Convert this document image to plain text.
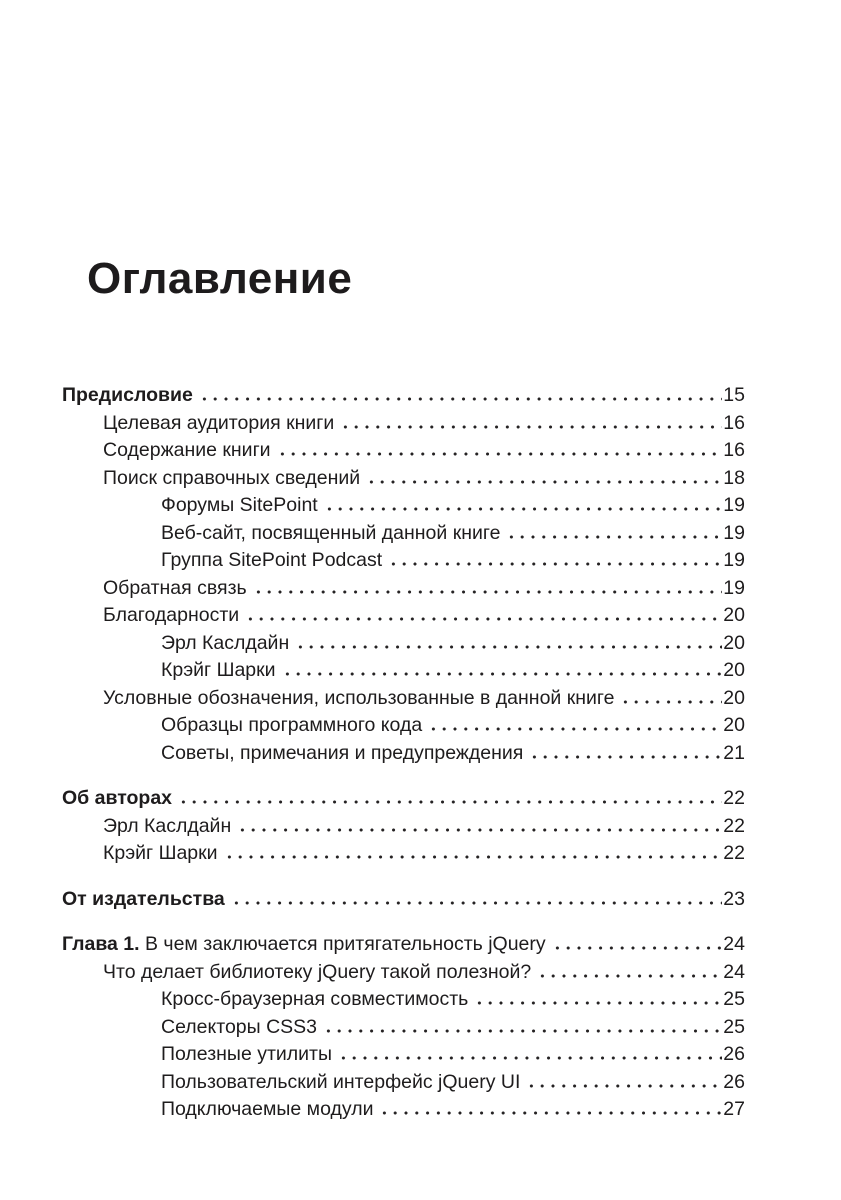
Оглавление
Предисловие	15
Целевая аудитория книги	16
Содержание книги	16
Поиск справочных сведений	18
Форумы SitePoint	19
Веб-сайт, посвященный данной книге	19
Группа SitePoint Podcast	19
Обратная связь	19
Благодарности	20
Эрл Каслдайн	20
Крэйг Шарки	20
Условные обозначения, использованные в данной книге	20
Образцы программного кода	20
Советы, примечания и предупреждения	21
Об авторах	22
Эрл Каслдайн	22
Крэйг Шарки	22
От издательства	23
Глава 1. В чем заключается притягательность jQuery	24
Что делает библиотеку jQuery такой полезной?	24
Кросс-браузерная совместимость	25
Селекторы CSS3	25
Полезные утилиты	26
Пользовательский интерфейс jQuery UI	26
Подключаемые модули	27
